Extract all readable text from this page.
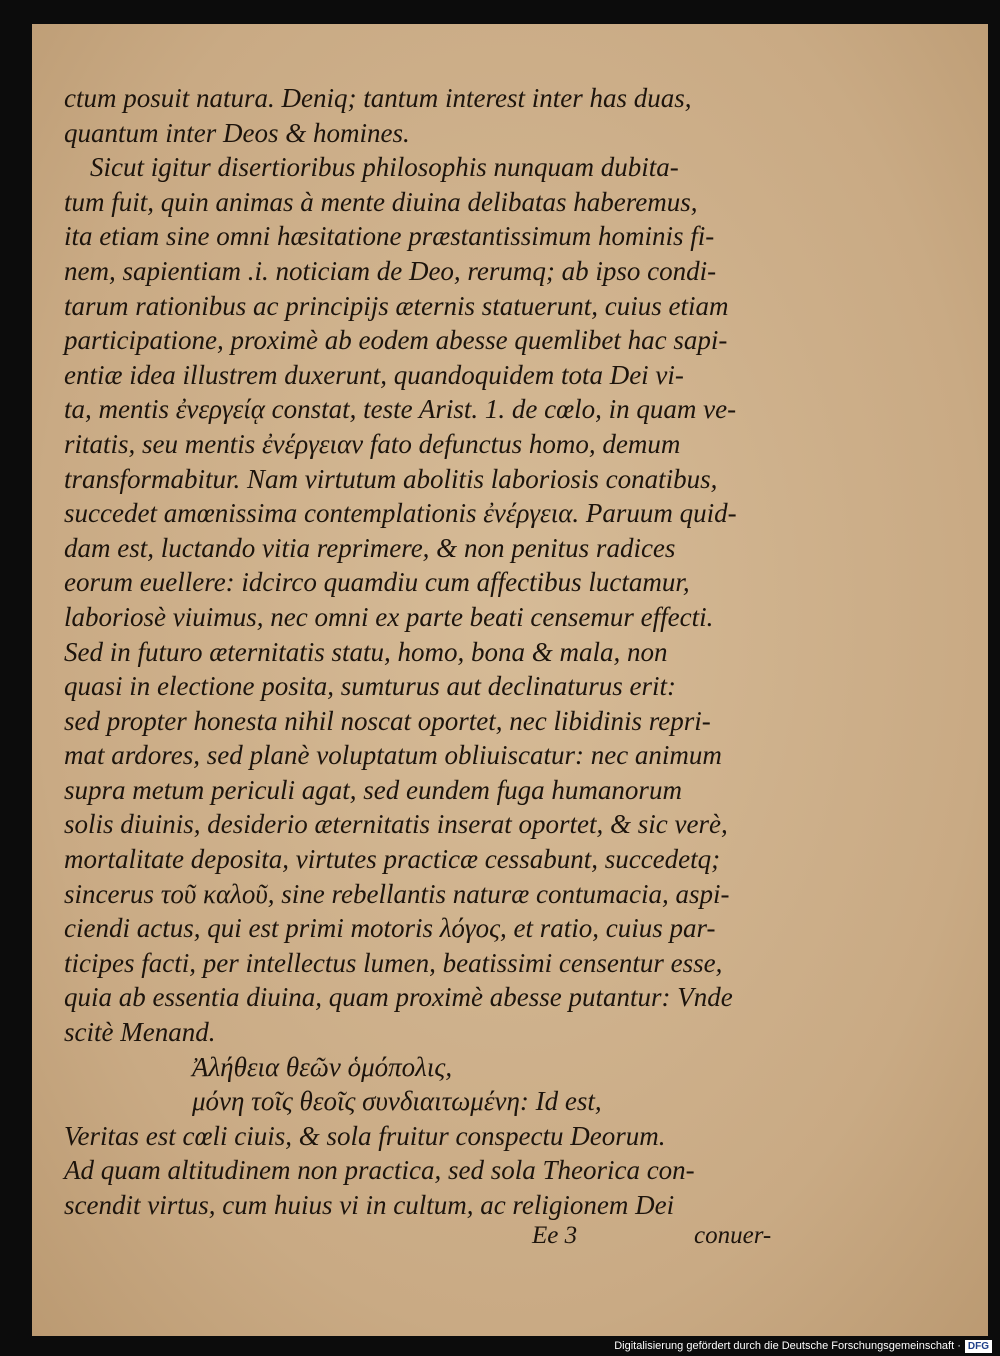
ctum posuit natura. Deniq; tantum interest inter has duas,
quantum inter Deos & homines.
Sicut igitur disertioribus philosophis nunquam dubita-
tum fuit, quin animas à mente diuina delibatas haberemus,
ita etiam sine omni hæsitatione præstantissimum hominis fi-
nem, sapientiam .i. noticiam de Deo, rerumq; ab ipso condi-
tarum rationibus ac principijs æternis statuerunt, cuius etiam
participatione, proximè ab eodem abesse quemlibet hac sapi-
entiæ idea illustrem duxerunt, quandoquidem tota Dei vi-
ta, mentis ἐνεργείᾳ constat, teste Arist. 1. de cœlo, in quam ve-
ritatis, seu mentis ἐνέργειαν fato defunctus homo, demum
transformabitur. Nam virtutum abolitis laboriosis conatibus,
succedet amœnissima contemplationis ἐνέργεια. Paruum quid-
dam est, luctando vitia reprimere, & non penitus radices
eorum euellere: idcirco quamdiu cum affectibus luctamur,
laboriosè viuimus, nec omni ex parte beati censemur effecti.
Sed in futuro æternitatis statu, homo, bona & mala, non
quasi in electione posita, sumturus aut declinaturus erit:
sed propter honesta nihil noscat oportet, nec libidinis repri-
mat ardores, sed planè voluptatum obliuiscatur: nec animum
supra metum periculi agat, sed eundem fuga humanorum
solis diuinis, desiderio æternitatis inserat oportet, & sic verè,
mortalitate deposita, virtutes practicæ cessabunt, succedetq;
sincerus τοῦ καλοῦ, sine rebellantis naturæ contumacia, aspi-
ciendi actus, qui est primi motoris λόγος, et ratio, cuius par-
ticipes facti, per intellectus lumen, beatissimi censentur esse,
quia ab essentia diuina, quam proximè abesse putantur: Vnde
scitè Menand.
Ἀλήθεια θεῶν ὁμόπολις,
μόνη τοῖς θεοῖς συνδιαιτωμένη: Id est,
Veritas est cœli ciuis, & sola fruitur conspectu Deorum.
Ad quam altitudinem non practica, sed sola Theorica con-
scendit virtus, cum huius vi in cultum, ac religionem Dei
Ee 3	conuer-
Digitalisierung gefördert durch die Deutsche Forschungsgemeinschaft · DFG
